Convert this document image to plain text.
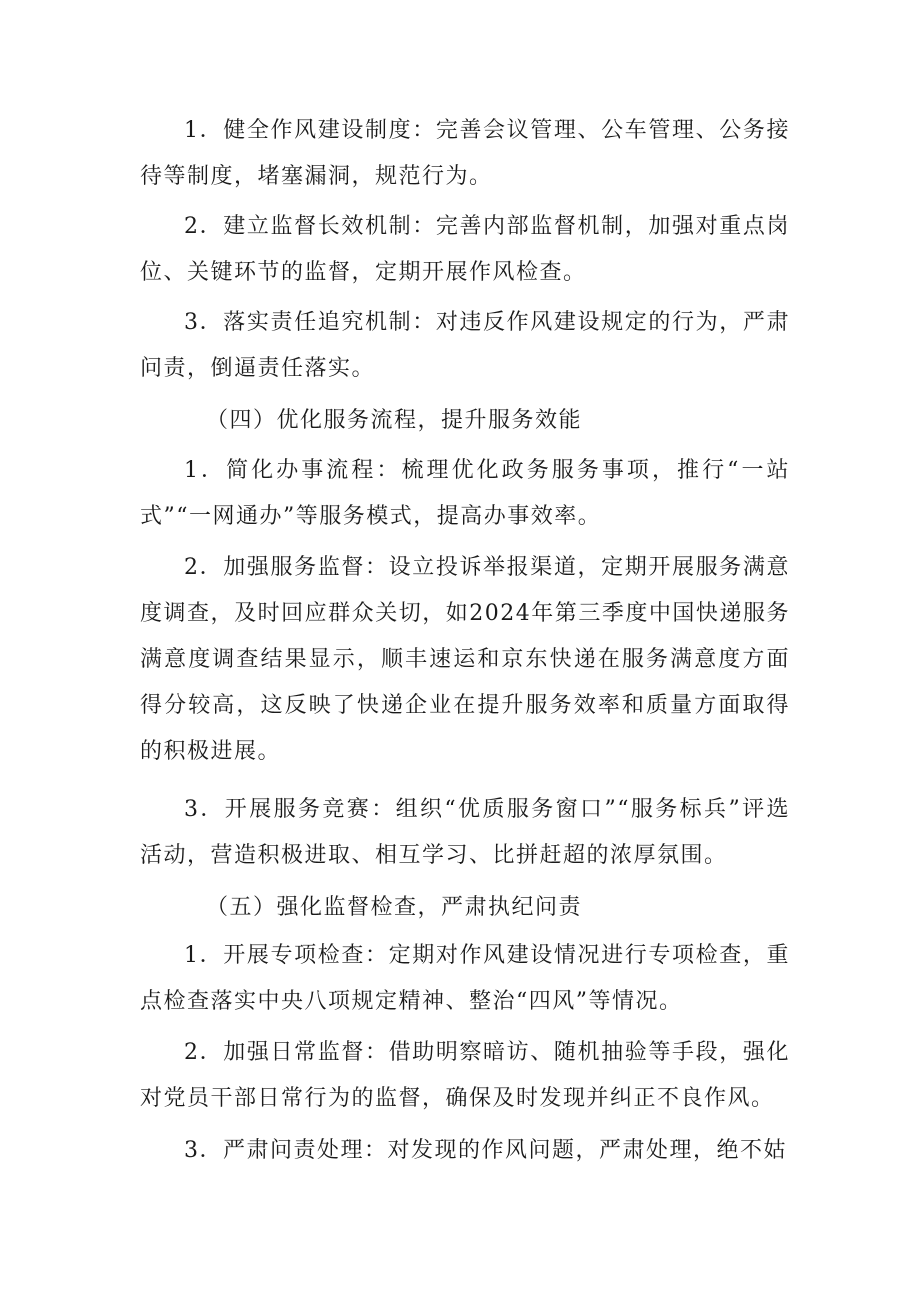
1．健全作风建设制度：完善会议管理、公车管理、公务接待等制度，堵塞漏洞，规范行为。

2．建立监督长效机制：完善内部监督机制，加强对重点岗位、关键环节的监督，定期开展作风检查。

3．落实责任追究机制：对违反作风建设规定的行为，严肃问责，倒逼责任落实。

（四）优化服务流程，提升服务效能

1．简化办事流程：梳理优化政务服务事项，推行“一站式”“一网通办”等服务模式，提高办事效率。

2．加强服务监督：设立投诉举报渠道，定期开展服务满意度调查，及时回应群众关切，如2024年第三季度中国快递服务满意度调查结果显示，顺丰速运和京东快递在服务满意度方面得分较高，这反映了快递企业在提升服务效率和质量方面取得的积极进展。

3．开展服务竞赛：组织“优质服务窗口”“服务标兵”评选活动，营造积极进取、相互学习、比拼赶超的浓厚氛围。

（五）强化监督检查，严肃执纪问责

1．开展专项检查：定期对作风建设情况进行专项检查，重点检查落实中央八项规定精神、整治“四风”等情况。

2．加强日常监督：借助明察暗访、随机抽验等手段，强化对党员干部日常行为的监督，确保及时发现并纠正不良作风。

3．严肃问责处理：对发现的作风问题，严肃处理，绝不姑
